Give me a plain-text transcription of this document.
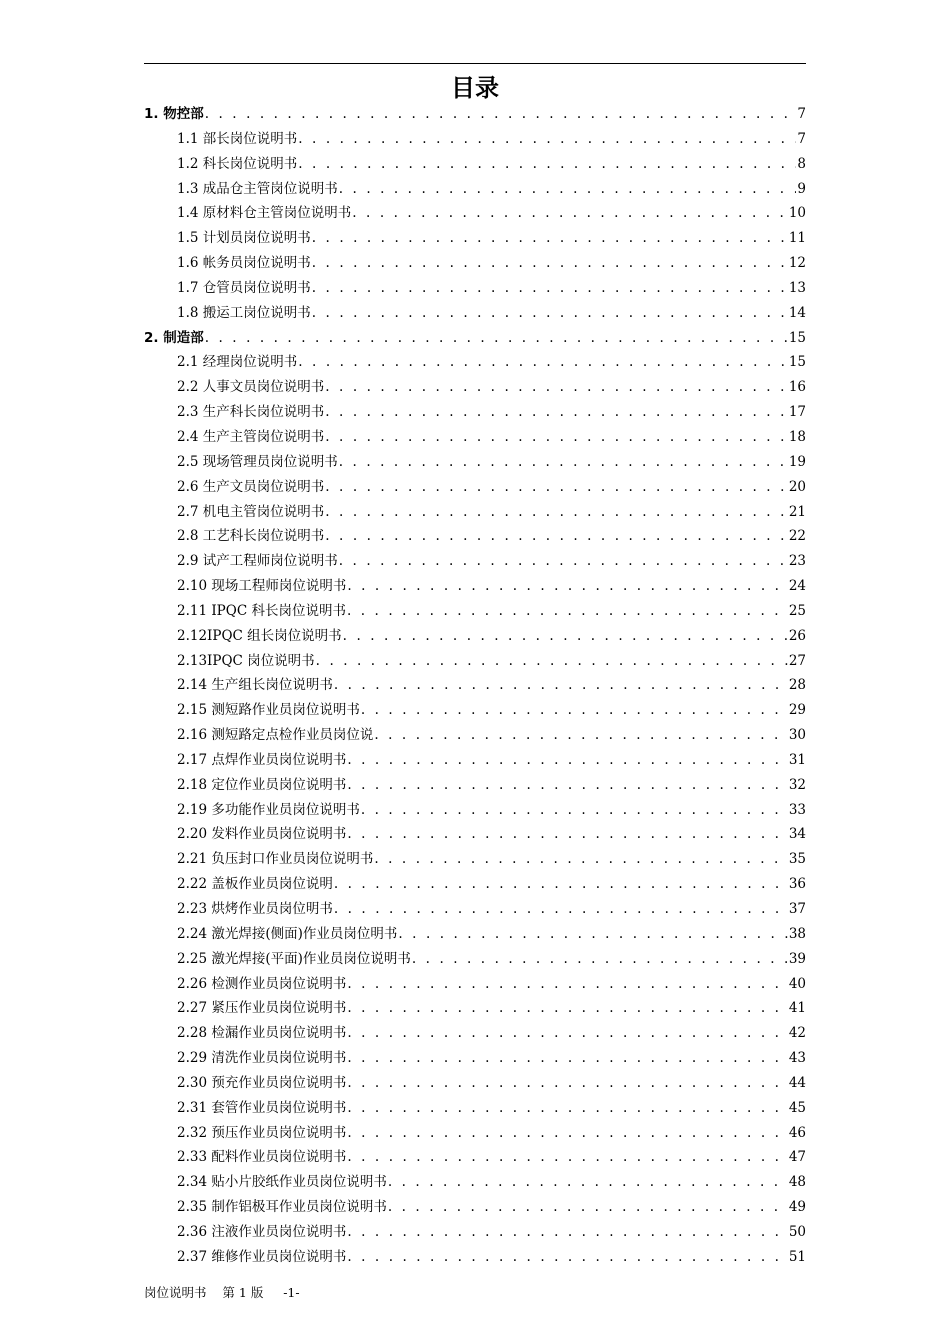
目录
1. 物控部 . . .	7
1.1 部长岗位说明书 . . .	7
1.2 科长岗位说明书 . . .	8
1.3 成品仓主管岗位说明书 . . .	9
1.4 原材料仓主管岗位说明书 . . .	10
1.5 计划员岗位说明书 . . .	11
1.6 帐务员岗位说明书 . . .	12
1.7 仓管员岗位说明书 . . .	13
1.8 搬运工岗位说明书 . . .	14
2. 制造部 . . .	15
2.1 经理岗位说明书 . . .	15
2.2 人事文员岗位说明书 . . .	16
2.3 生产科长岗位说明书 . . .	17
2.4 生产主管岗位说明书 . . .	18
2.5 现场管理员岗位说明书 . . .	19
2.6 生产文员岗位说明书 . . .	20
2.7 机电主管岗位说明书 . . .	21
2.8 工艺科长岗位说明书 . . .	22
2.9 试产工程师岗位说明书 . . .	23
2.10 现场工程师岗位说明书 . . .	24
2.11 IPQC 科长岗位说明书 . . .	25
2.12IPQC 组长岗位说明书 . . .	26
2.13IPQC 岗位说明书 . . .	27
2.14 生产组长岗位说明书 . . .	28
2.15 测短路作业员岗位说明书 . . .	29
2.16 测短路定点检作业员岗位说 . . .	30
2.17 点焊作业员岗位说明书 . . .	31
2.18 定位作业员岗位说明书 . . .	32
2.19 多功能作业员岗位说明书 . . .	33
2.20 发料作业员岗位说明书 . . .	34
2.21 负压封口作业员岗位说明书 . . .	35
2.22 盖板作业员岗位说明 . . .	36
2.23 烘烤作业员岗位明书 . . .	37
2.24 激光焊接(侧面)作业员岗位明书 . . .	38
2.25 激光焊接(平面)作业员岗位说明书 . . .	39
2.26 检测作业员岗位说明书 . . .	40
2.27 紧压作业员岗位说明书 . . .	41
2.28 检漏作业员岗位说明书 . . .	42
2.29 清洗作业员岗位说明书 . . .	43
2.30 预充作业员岗位说明书 . . .	44
2.31 套管作业员岗位说明书 . . .	45
2.32 预压作业员岗位说明书 . . .	46
2.33 配料作业员岗位说明书 . . .	47
2.34 贴小片胶纸作业员岗位说明书 . . .	48
2.35 制作铝极耳作业员岗位说明书 . . .	49
2.36 注液作业员岗位说明书 . . .	50
2.37 维修作业员岗位说明书 . . .	51
岗位说明书 第 1 版 -1-
